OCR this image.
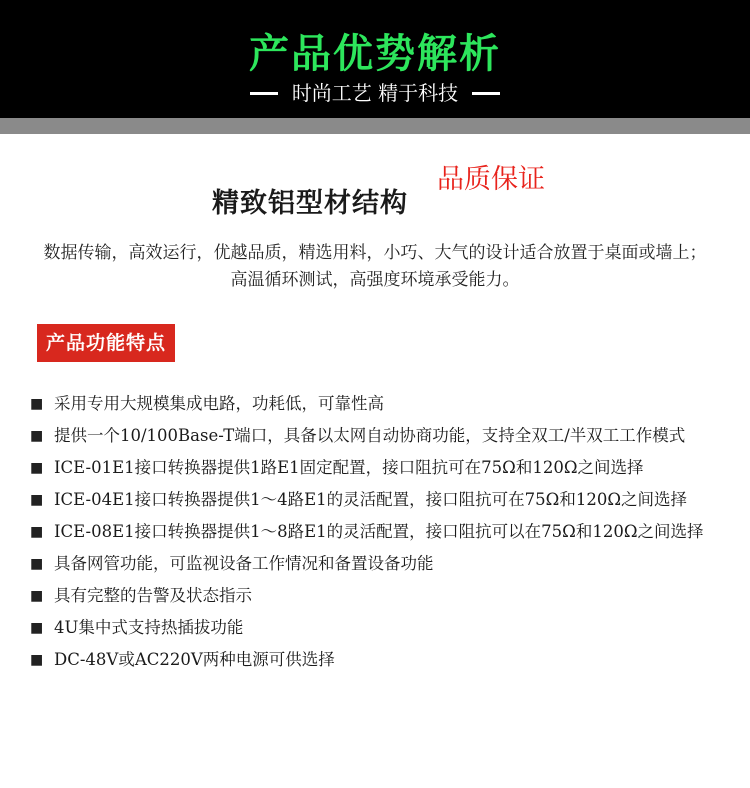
产品优势解析
时尚工艺 精于科技
精致铝型材结构
品质保证
数据传输，高效运行，优越品质，精选用料，小巧、大气的设计适合放置于桌面或墙上；高温循环测试，高强度环境承受能力。
产品功能特点
■ 采用专用大规模集成电路，功耗低，可靠性高
■ 提供一个10/100Base-T端口，具备以太网自动协商功能，支持全双工/半双工工作模式
■ ICE-01E1接口转换器提供1路E1固定配置，接口阻抗可在75Ω和120Ω之间选择
■ ICE-04E1接口转换器提供1～4路E1的灵活配置，接口阻抗可在75Ω和120Ω之间选择
■ ICE-08E1接口转换器提供1～8路E1的灵活配置，接口阻抗可以在75Ω和120Ω之间选择
■ 具备网管功能，可监视设备工作情况和备置设备功能
■ 具有完整的告警及状态指示
■ 4U集中式支持热插拔功能
■ DC-48V或AC220V两种电源可供选择
